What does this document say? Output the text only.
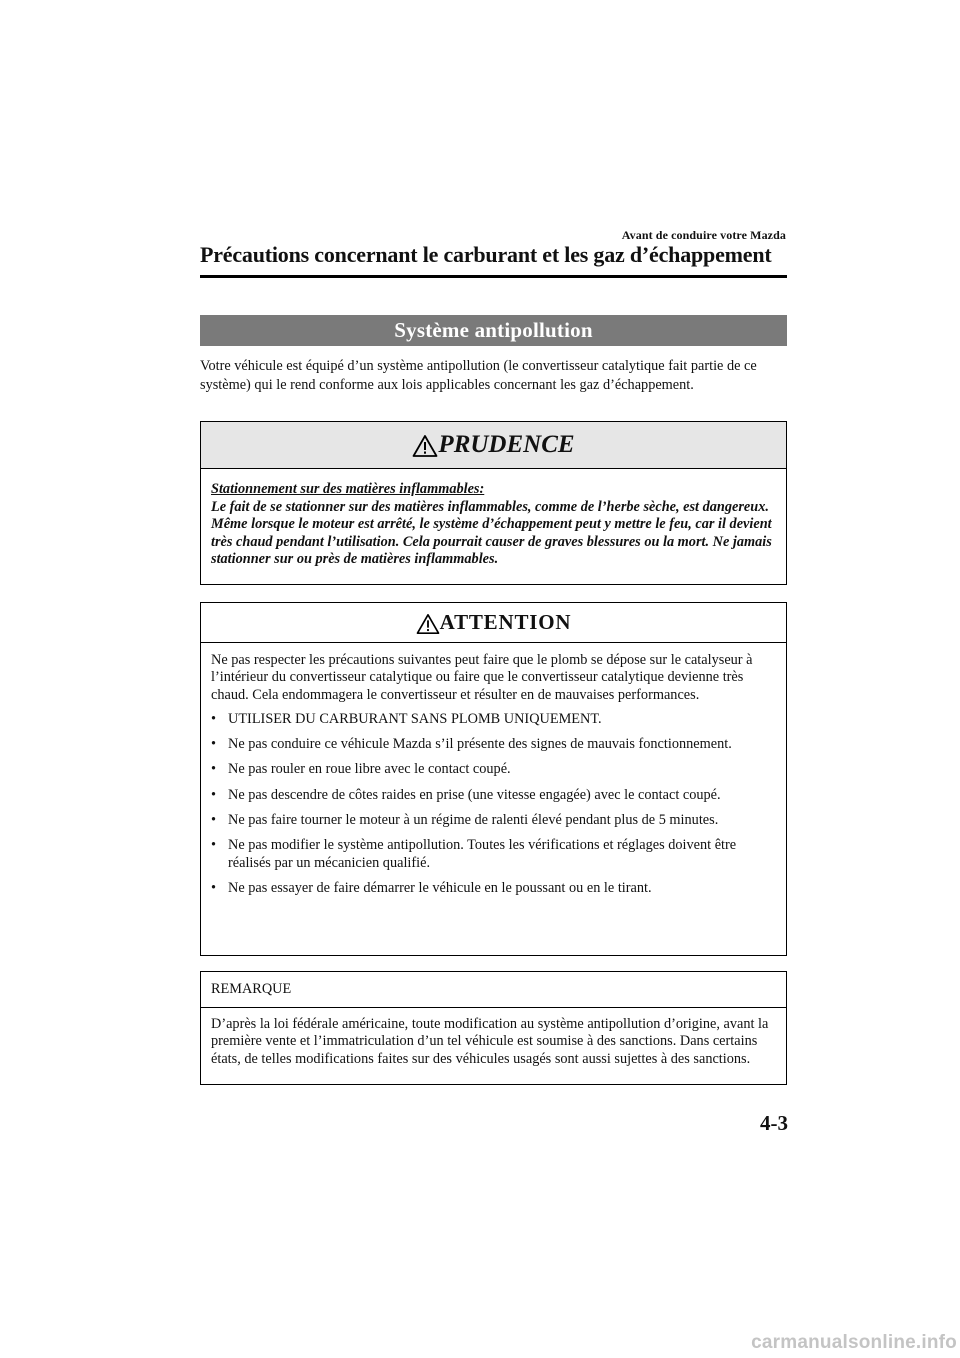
Avant de conduire votre Mazda
Précautions concernant le carburant et les gaz d’échappement
Système antipollution
Votre véhicule est équipé d’un système antipollution (le convertisseur catalytique fait partie de ce système) qui le rend conforme aux lois applicables concernant les gaz d’échappement.
PRUDENCE
Stationnement sur des matières inflammables:
Le fait de se stationner sur des matières inflammables, comme de l’herbe sèche, est dangereux. Même lorsque le moteur est arrêté, le système d’échappement peut y mettre le feu, car il devient très chaud pendant l’utilisation. Cela pourrait causer de graves blessures ou la mort. Ne jamais stationner sur ou près de matières inflammables.
ATTENTION

Ne pas respecter les précautions suivantes peut faire que le plomb se dépose sur le catalyseur à l’intérieur du convertisseur catalytique ou faire que le convertisseur catalytique devienne très chaud. Cela endommagera le convertisseur et résulter en de mauvaises performances.

• UTILISER DU CARBURANT SANS PLOMB UNIQUEMENT.
• Ne pas conduire ce véhicule Mazda s’il présente des signes de mauvais fonctionnement.
• Ne pas rouler en roue libre avec le contact coupé.
• Ne pas descendre de côtes raides en prise (une vitesse engagée) avec le contact coupé.
• Ne pas faire tourner le moteur à un régime de ralenti élevé pendant plus de 5 minutes.
• Ne pas modifier le système antipollution. Toutes les vérifications et réglages doivent être réalisés par un mécanicien qualifié.
• Ne pas essayer de faire démarrer le véhicule en le poussant ou en le tirant.
REMARQUE
D’après la loi fédérale américaine, toute modification au système antipollution d’origine, avant la première vente et l’immatriculation d’un tel véhicule est soumise à des sanctions. Dans certains états, de telles modifications faites sur des véhicules usagés sont aussi sujettes à des sanctions.
4-3
carmanualsonline.info
